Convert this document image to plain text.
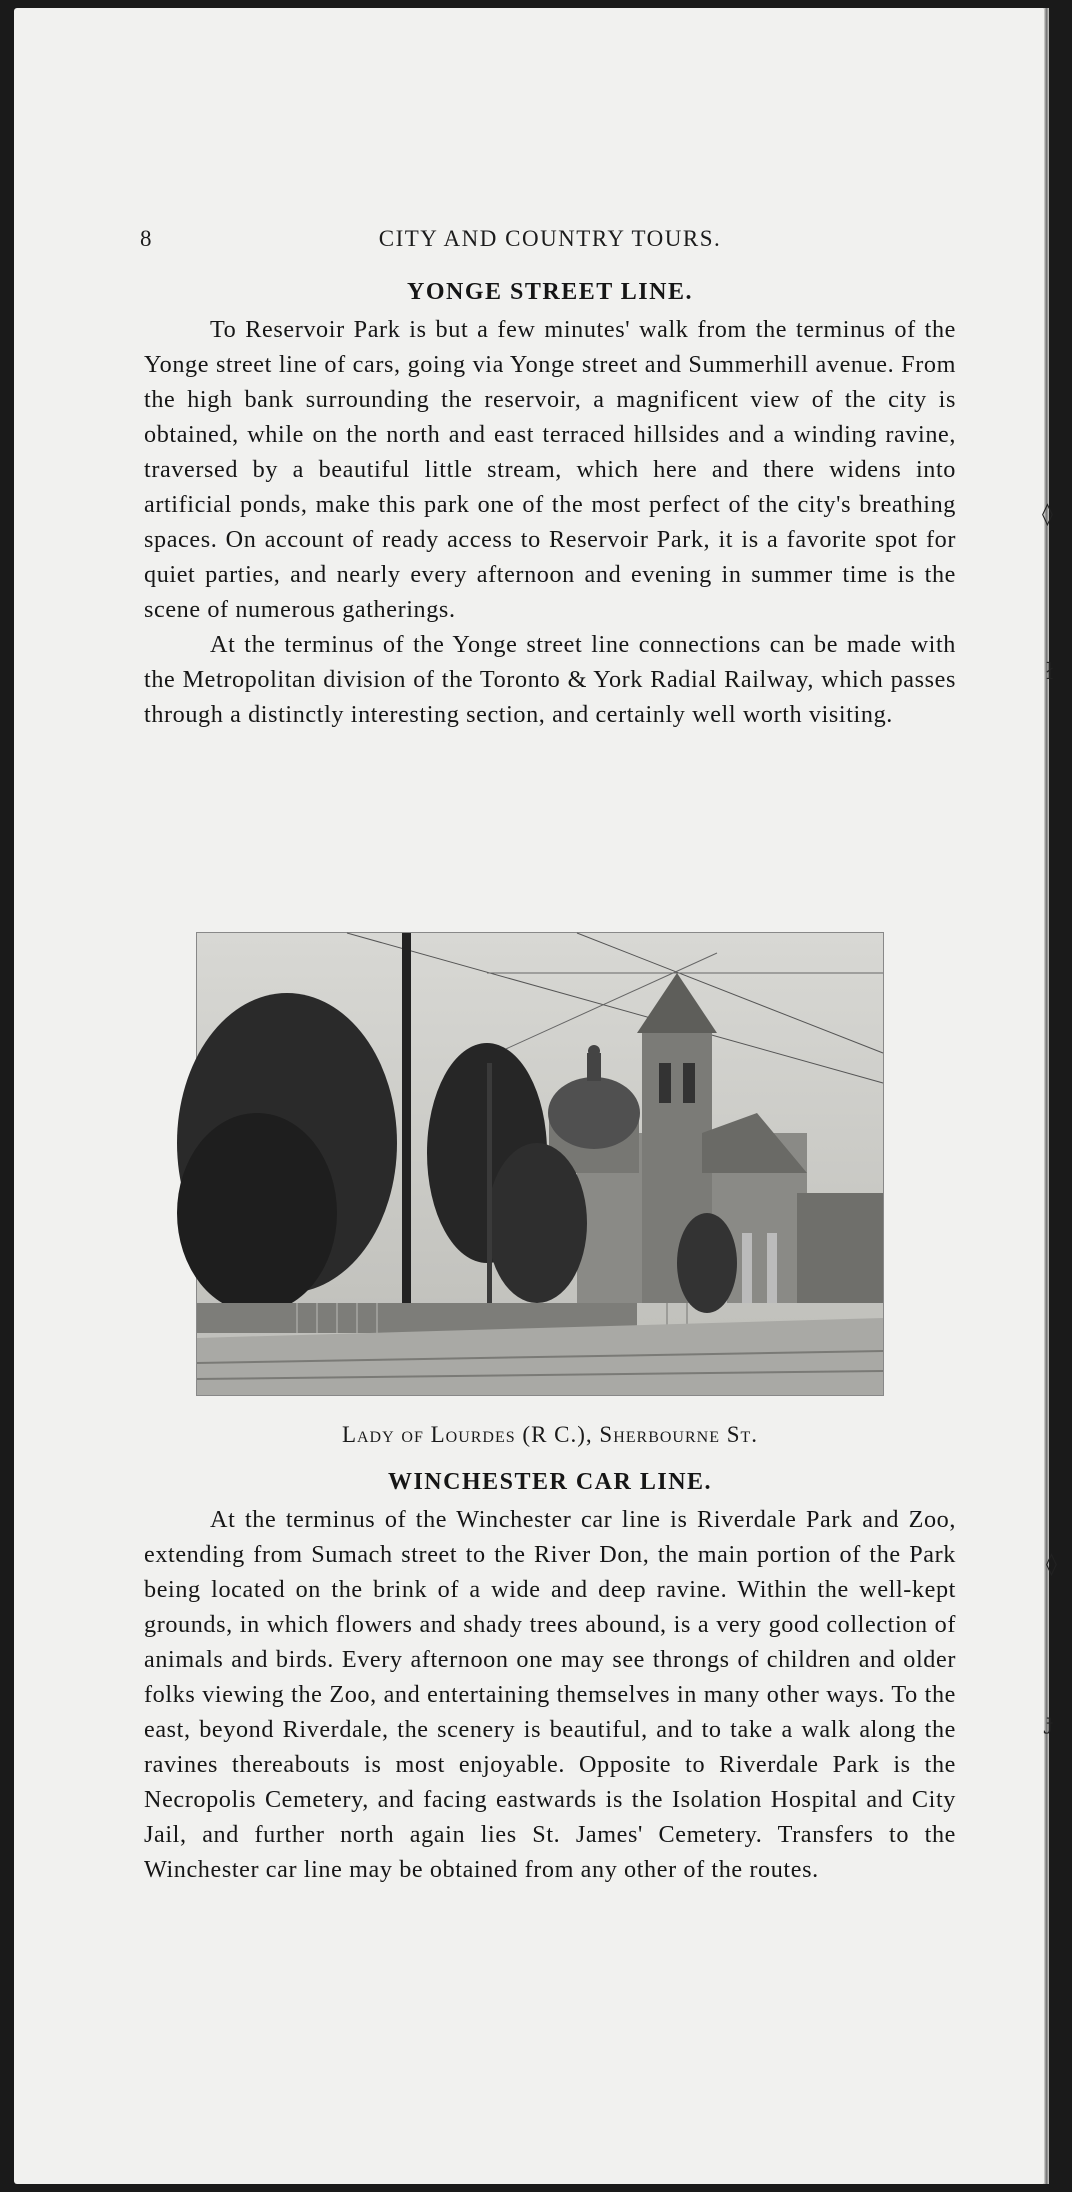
◊
ł
◊
ɟ
8	CITY AND COUNTRY TOURS.
YONGE STREET LINE.

To Reservoir Park is but a few minutes' walk from the terminus of the Yonge street line of cars, going via Yonge street and Summerhill avenue. From the high bank surrounding the reservoir, a magnificent view of the city is obtained, while on the north and east terraced hillsides and a winding ravine, traversed by a beautiful little stream, which here and there widens into artificial ponds, make this park one of the most perfect of the city's breathing spaces. On account of ready access to Reservoir Park, it is a favorite spot for quiet parties, and nearly every afternoon and evening in summer time is the scene of numerous gatherings.

At the terminus of the Yonge street line connections can be made with the Metropolitan division of the Toronto & York Radial Railway, which passes through a distinctly interesting section, and certainly well worth visiting.

Lady of Lourdes (R C.), Sherbourne St.
WINCHESTER CAR LINE.

At the terminus of the Winchester car line is Riverdale Park and Zoo, extending from Sumach street to the River Don, the main portion of the Park being located on the brink of a wide and deep ravine. Within the well-kept grounds, in which flowers and shady trees abound, is a very good collection of animals and birds. Every afternoon one may see throngs of children and older folks viewing the Zoo, and entertaining themselves in many other ways. To the east, beyond Riverdale, the scenery is beautiful, and to take a walk along the ravines thereabouts is most enjoyable. Opposite to Riverdale Park is the Necropolis Cemetery, and facing eastwards is the Isolation Hospital and City Jail, and further north again lies St. James' Cemetery. Transfers to the Winchester car line may be obtained from any other of the routes.
